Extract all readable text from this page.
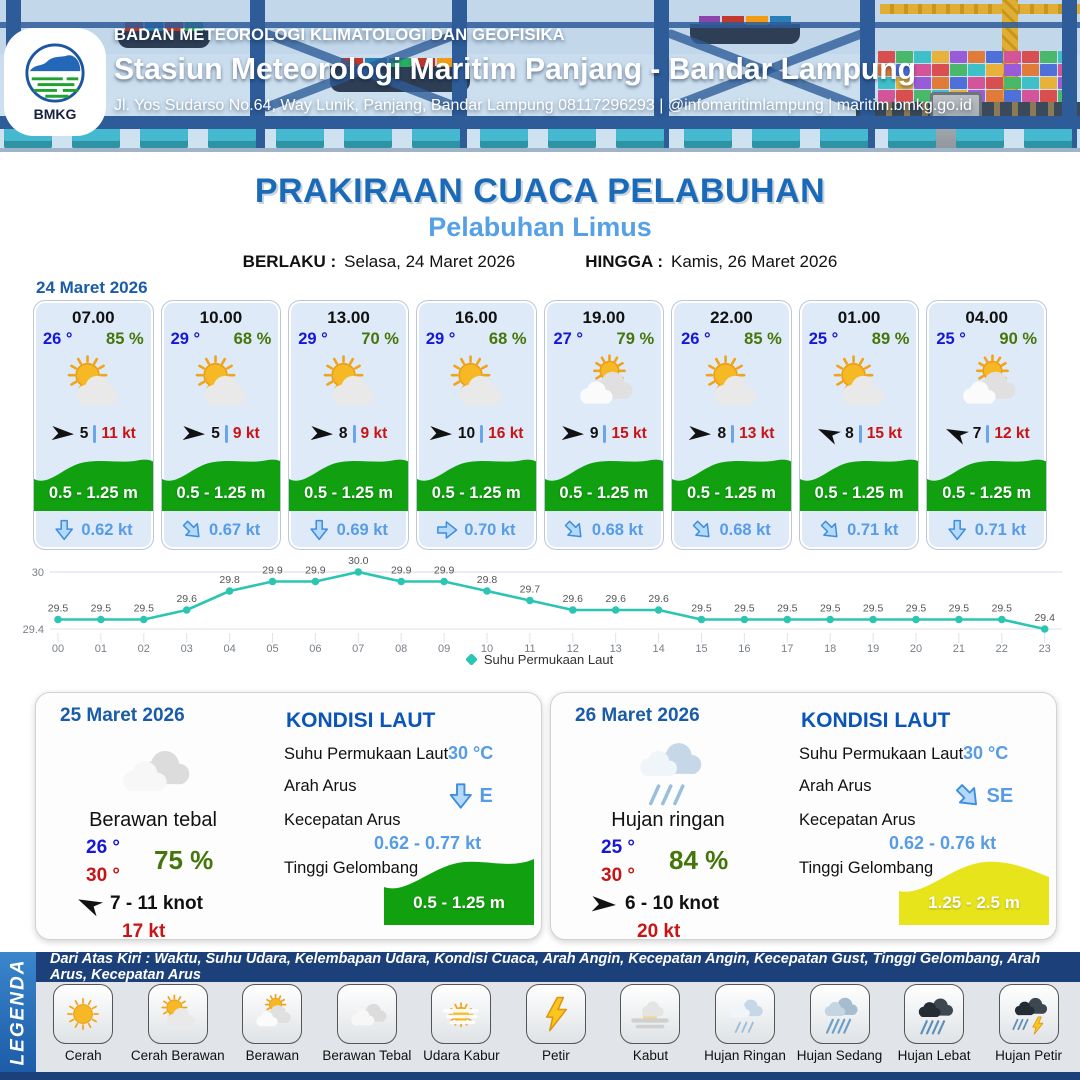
BMKG
BADAN METEOROLOGI KLIMATOLOGI DAN GEOFISIKA
Stasiun Meteorologi Maritim Panjang - Bandar Lampung
Jl. Yos Sudarso No.64, Way Lunik, Panjang, Bandar Lampung 08117296293 | @infomaritimlampung | maritim.bmkg.go.id
PRAKIRAAN CUACA PELABUHAN
Pelabuhan Limus
BERLAKU : Selasa, 24 Maret 2026	HINGGA : Kamis, 26 Maret 2026
24 Maret 2026
07.00
26 ° 85 %
5 11 kt
0.5 - 1.25 m
0.62 kt
10.00
29 ° 68 %
5 9 kt
0.5 - 1.25 m
0.67 kt
13.00
29 ° 70 %
8 9 kt
0.5 - 1.25 m
0.69 kt
16.00
29 ° 68 %
10 16 kt
0.5 - 1.25 m
0.70 kt
19.00
27 ° 79 %
9 15 kt
0.5 - 1.25 m
0.68 kt
22.00
26 ° 85 %
8 13 kt
0.5 - 1.25 m
0.68 kt
01.00
25 ° 89 %
8 15 kt
0.5 - 1.25 m
0.71 kt
04.00
25 ° 90 %
7 12 kt
0.5 - 1.25 m
0.71 kt
30
29.4
29.5
00
29.5
01
29.5
02
29.6
03
29.8
04
29.9
05
29.9
06
30.0
07
29.9
08
29.9
09
29.8
10
29.7
11
29.6
12
29.6
13
29.6
14
29.5
15
29.5
16
29.5
17
29.5
18
29.5
19
29.5
20
29.5
21
29.5
22
29.4
23
Suhu Permukaan Laut
25 Maret 2026
Berawan tebal
26 °
30 °
75 %
7 - 11 knot
17 kt
KONDISI LAUT
Suhu Permukaan Laut 30 °C
Arah Arus	E
Kecepatan Arus
0.62 - 0.77 kt
Tinggi Gelombang
0.5 - 1.25 m
26 Maret 2026
Hujan ringan
25 °
30 °
84 %
6 - 10 knot
20 kt
KONDISI LAUT
Suhu Permukaan Laut 30 °C
Arah Arus	SE
Kecepatan Arus
0.62 - 0.76 kt
Tinggi Gelombang
1.25 - 2.5 m
LEGENDA	Dari Atas Kiri : Waktu, Suhu Udara, Kelembapan Udara, Kondisi Cuaca, Arah Angin, Kecepatan Angin, Kecepatan Gust, Tinggi Gelombang, Arah Arus, Kecepatan Arus
Cerah Cerah Berawan Berawan Berawan Tebal Udara Kabur	Petir	Kabut	Hujan Ringan Hujan Sedang Hujan Lebat Hujan Petir
